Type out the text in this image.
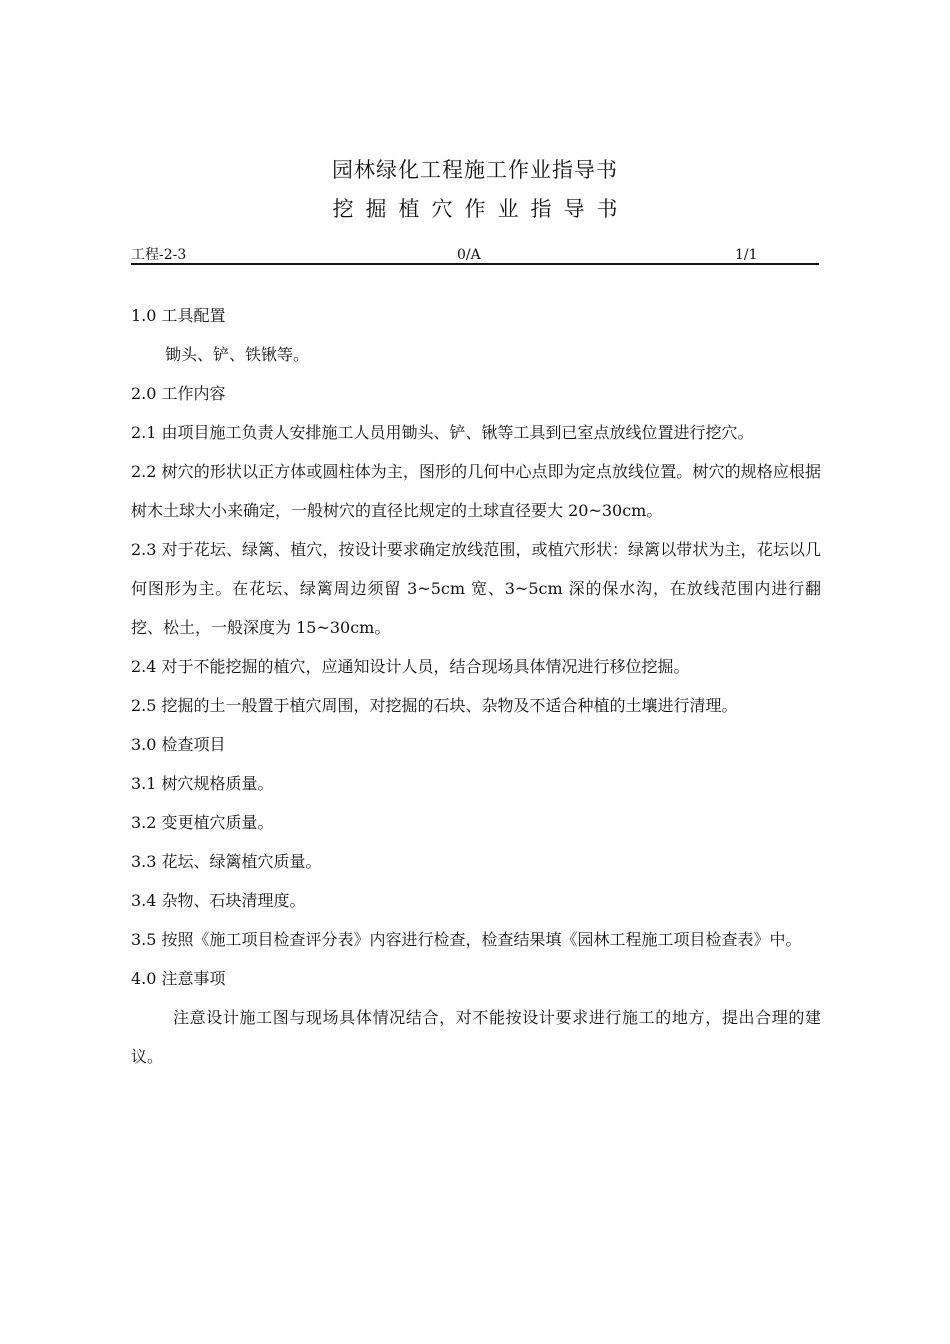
园林绿化工程施工作业指导书
挖掘植穴作业指导书
工程-2-3	0/A	1/1

1.0 工具配置

锄头、铲、铁锹等。

2.0 工作内容

2.1 由项目施工负责人安排施工人员用锄头、铲、锹等工具到已室点放线位置进行挖穴。

2.2 树穴的形状以正方体或圆柱体为主，图形的几何中心点即为定点放线位置。树穴的规格应根据树木土球大小来确定，一般树穴的直径比规定的土球直径要大 20~30cm。

2.3 对于花坛、绿篱、植穴，按设计要求确定放线范围，或植穴形状：绿篱以带状为主，花坛以几何图形为主。在花坛、绿篱周边须留 3~5cm 宽、3~5cm 深的保水沟，在放线范围内进行翻挖、松土，一般深度为 15~30cm。

2.4 对于不能挖掘的植穴，应通知设计人员，结合现场具体情况进行移位挖掘。

2.5 挖掘的土一般置于植穴周围，对挖掘的石块、杂物及不适合种植的土壤进行清理。

3.0 检查项目

3.1 树穴规格质量。

3.2 变更植穴质量。

3.3 花坛、绿篱植穴质量。

3.4 杂物、石块清理度。

3.5 按照《施工项目检查评分表》内容进行检查，检查结果填《园林工程施工项目检查表》中。

4.0 注意事项

注意设计施工图与现场具体情况结合，对不能按设计要求进行施工的地方，提出合理的建议。
